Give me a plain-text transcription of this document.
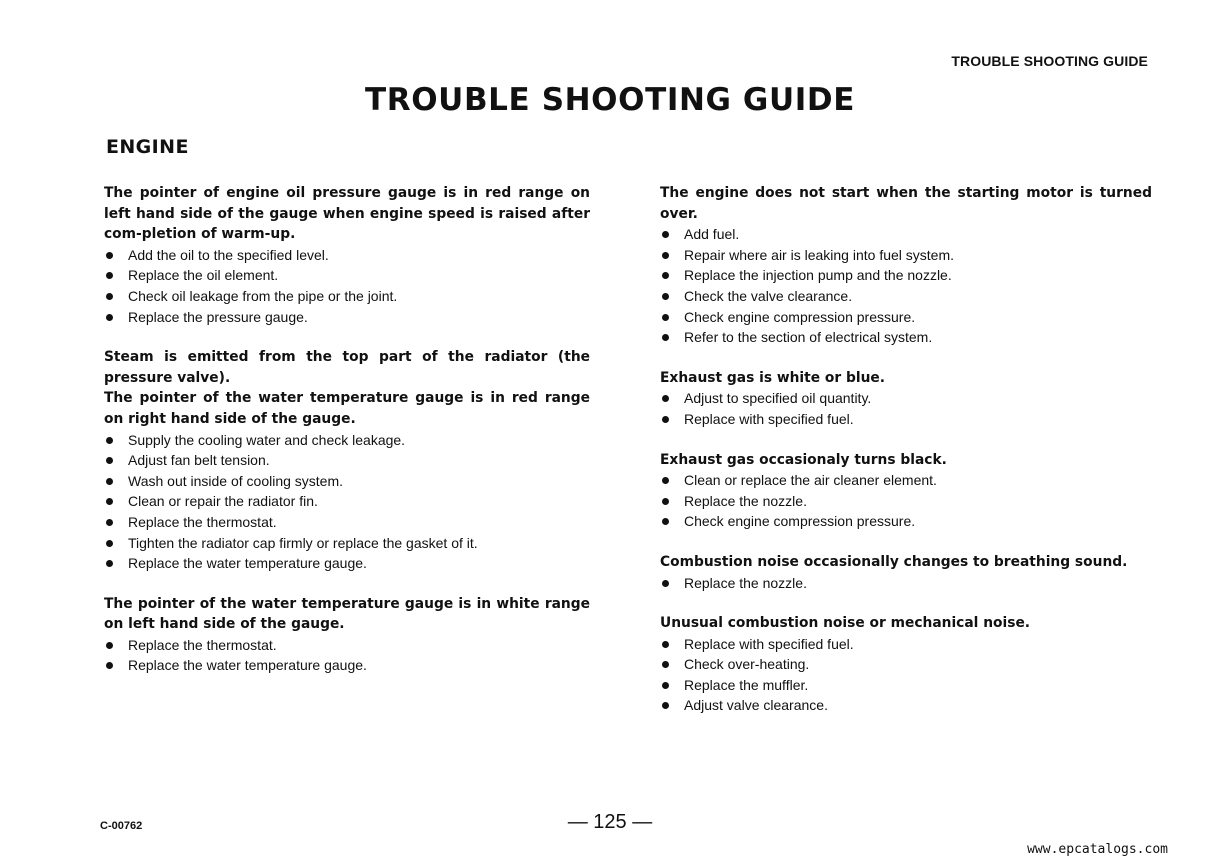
TROUBLE SHOOTING GUIDE
TROUBLE SHOOTING GUIDE
ENGINE

The pointer of engine oil pressure gauge is in red range on left hand side of the gauge when engine speed is raised after com-pletion of warm-up.

Add the oil to the specified level.
Replace the oil element.
Check oil leakage from the pipe or the joint.
Replace the pressure gauge.

Steam is emitted from the top part of the radiator (the pressure valve).

The pointer of the water temperature gauge is in red range on right hand side of the gauge.

Supply the cooling water and check leakage.
Adjust fan belt tension.
Wash out inside of cooling system.
Clean or repair the radiator fin.
Replace the thermostat.
Tighten the radiator cap firmly or replace the gasket of it.
Replace the water temperature gauge.

The pointer of the water temperature gauge is in white range on left hand side of the gauge.

Replace the thermostat.
Replace the water temperature gauge.

The engine does not start when the starting motor is turned over.

Add fuel.
Repair where air is leaking into fuel system.
Replace the injection pump and the nozzle.
Check the valve clearance.
Check engine compression pressure.
Refer to the section of electrical system.

Exhaust gas is white or blue.

Adjust to specified oil quantity.
Replace with specified fuel.

Exhaust gas occasionaly turns black.

Clean or replace the air cleaner element.
Replace the nozzle.
Check engine compression pressure.

Combustion noise occasionally changes to breathing sound.

Replace the nozzle.

Unusual combustion noise or mechanical noise.

Replace with specified fuel.
Check over-heating.
Replace the muffler.
Adjust valve clearance.
C-00762	— 125 —
www.epcatalogs.com
